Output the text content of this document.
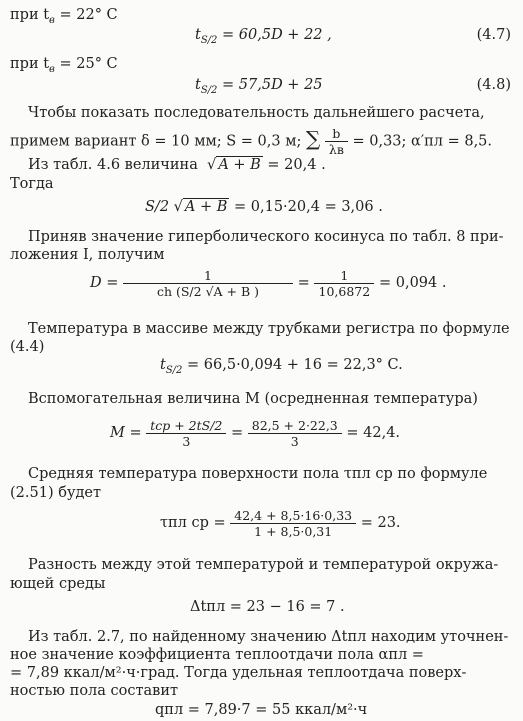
при $t_в = 22^\circ$ C
$t_{S/2} = 60,5D + 22$ ,	(4.7)
при $t_в = 25^\circ$ C
$t_{S/2} = 57,5D + 25$	(4.8)
Чтобы показать последовательность дальнейшего расчета,
примем вариант δ = 10 мм; S = 0,3 м; ∑ $\frac{b}{\lambda в} = 0,33$; α′пл = 8,5.
Из табл. 4.6 величина  √ A + B = 20,4 .
Тогда
S/2 √ A + B = 0,15·20,4 = 3,06 .
Приняв значение гиперболического косинуса по табл. 8 при-
ложения I, получим
$D = \frac{1}{ch (S/2 √A + B )} = \frac{1}{10,6872} = 0,094$ .
Температура в массиве между трубками регистра по формуле
(4.4)
$t_{S/2} = 66,5\cdot 0,094 + 16 = 22,3^\circ$ C.
Вспомогательная величина M (осредненная температура)
$M = \frac{\text{tср + 2tS/2}}{3} = \frac{82,5 + 2\cdot 22,3}{3} = 42,4$.
Средняя температура поверхности пола τпл ср по формуле
(2.51) будет
τпл ср = $\frac{42,4 + 8,5\cdot 16\cdot 0,33}{1 + 8,5\cdot 0,31} = 23$.
Разность между этой температурой и температурой окружа-
ющей среды
Δtпл = 23 − 16 = 7 .
Из табл. 2.7, по найденному значению Δtпл находим уточнен-
ное значение коэффициента теплоотдачи пола αпл =
= 7,89 ккал/м²·ч·град. Тогда удельная теплоотдача поверх-
ностью пола составит
qпл = 7,89·7 = 55 ккал/м²·ч
